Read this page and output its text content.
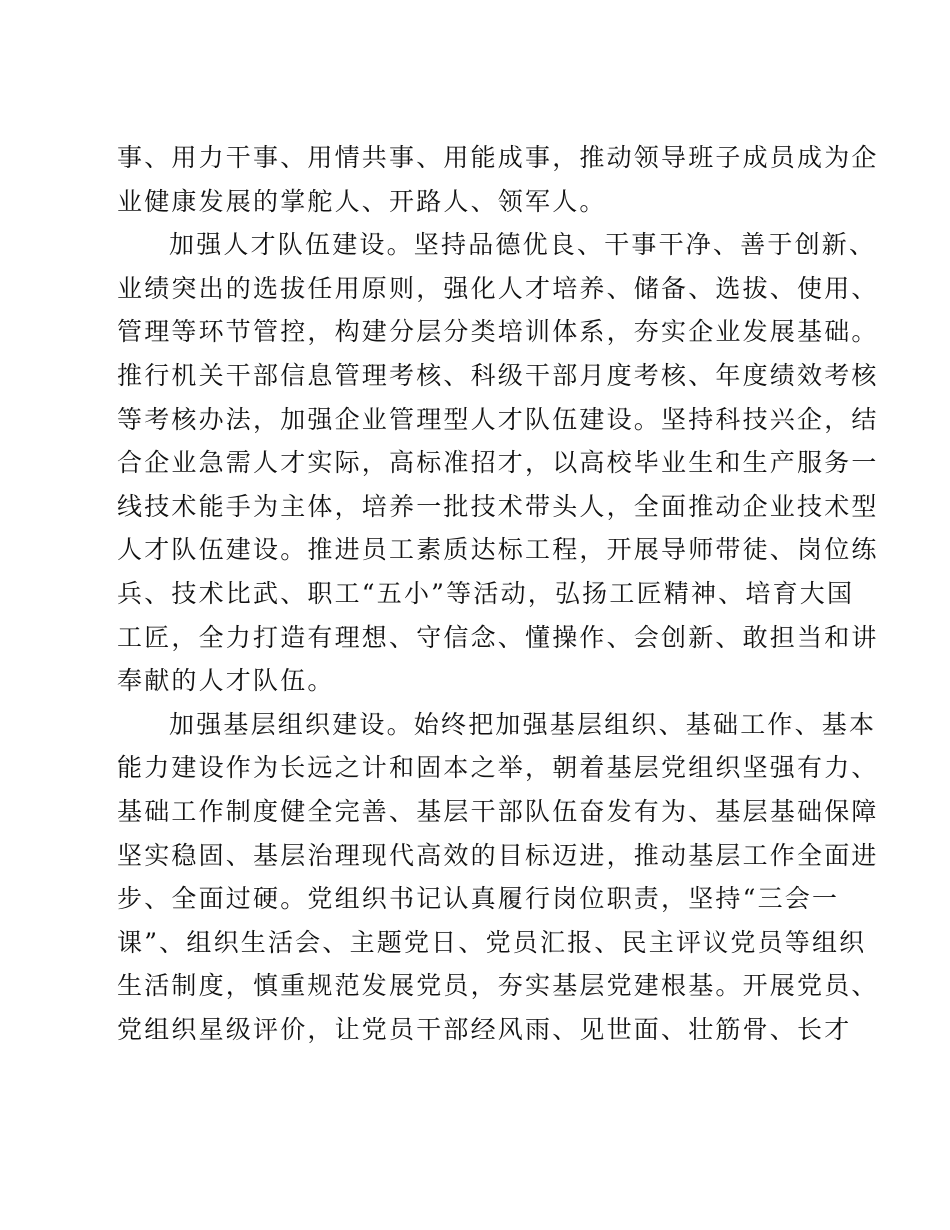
事、用力干事、用情共事、用能成事，推动领导班子成员成为企
业健康发展的掌舵人、开路人、领军人。
加强人才队伍建设。坚持品德优良、干事干净、善于创新、
业绩突出的选拔任用原则，强化人才培养、储备、选拔、使用、
管理等环节管控，构建分层分类培训体系，夯实企业发展基础。
推行机关干部信息管理考核、科级干部月度考核、年度绩效考核
等考核办法，加强企业管理型人才队伍建设。坚持科技兴企，结
合企业急需人才实际，高标准招才，以高校毕业生和生产服务一
线技术能手为主体，培养一批技术带头人，全面推动企业技术型
人才队伍建设。推进员工素质达标工程，开展导师带徒、岗位练
兵、技术比武、职工“五小”等活动，弘扬工匠精神、培育大国
工匠，全力打造有理想、守信念、懂操作、会创新、敢担当和讲
奉献的人才队伍。
加强基层组织建设。始终把加强基层组织、基础工作、基本
能力建设作为长远之计和固本之举，朝着基层党组织坚强有力、
基础工作制度健全完善、基层干部队伍奋发有为、基层基础保障
坚实稳固、基层治理现代高效的目标迈进，推动基层工作全面进
步、全面过硬。党组织书记认真履行岗位职责，坚持“三会一
课”、组织生活会、主题党日、党员汇报、民主评议党员等组织
生活制度，慎重规范发展党员，夯实基层党建根基。开展党员、
党组织星级评价，让党员干部经风雨、见世面、壮筋骨、长才
